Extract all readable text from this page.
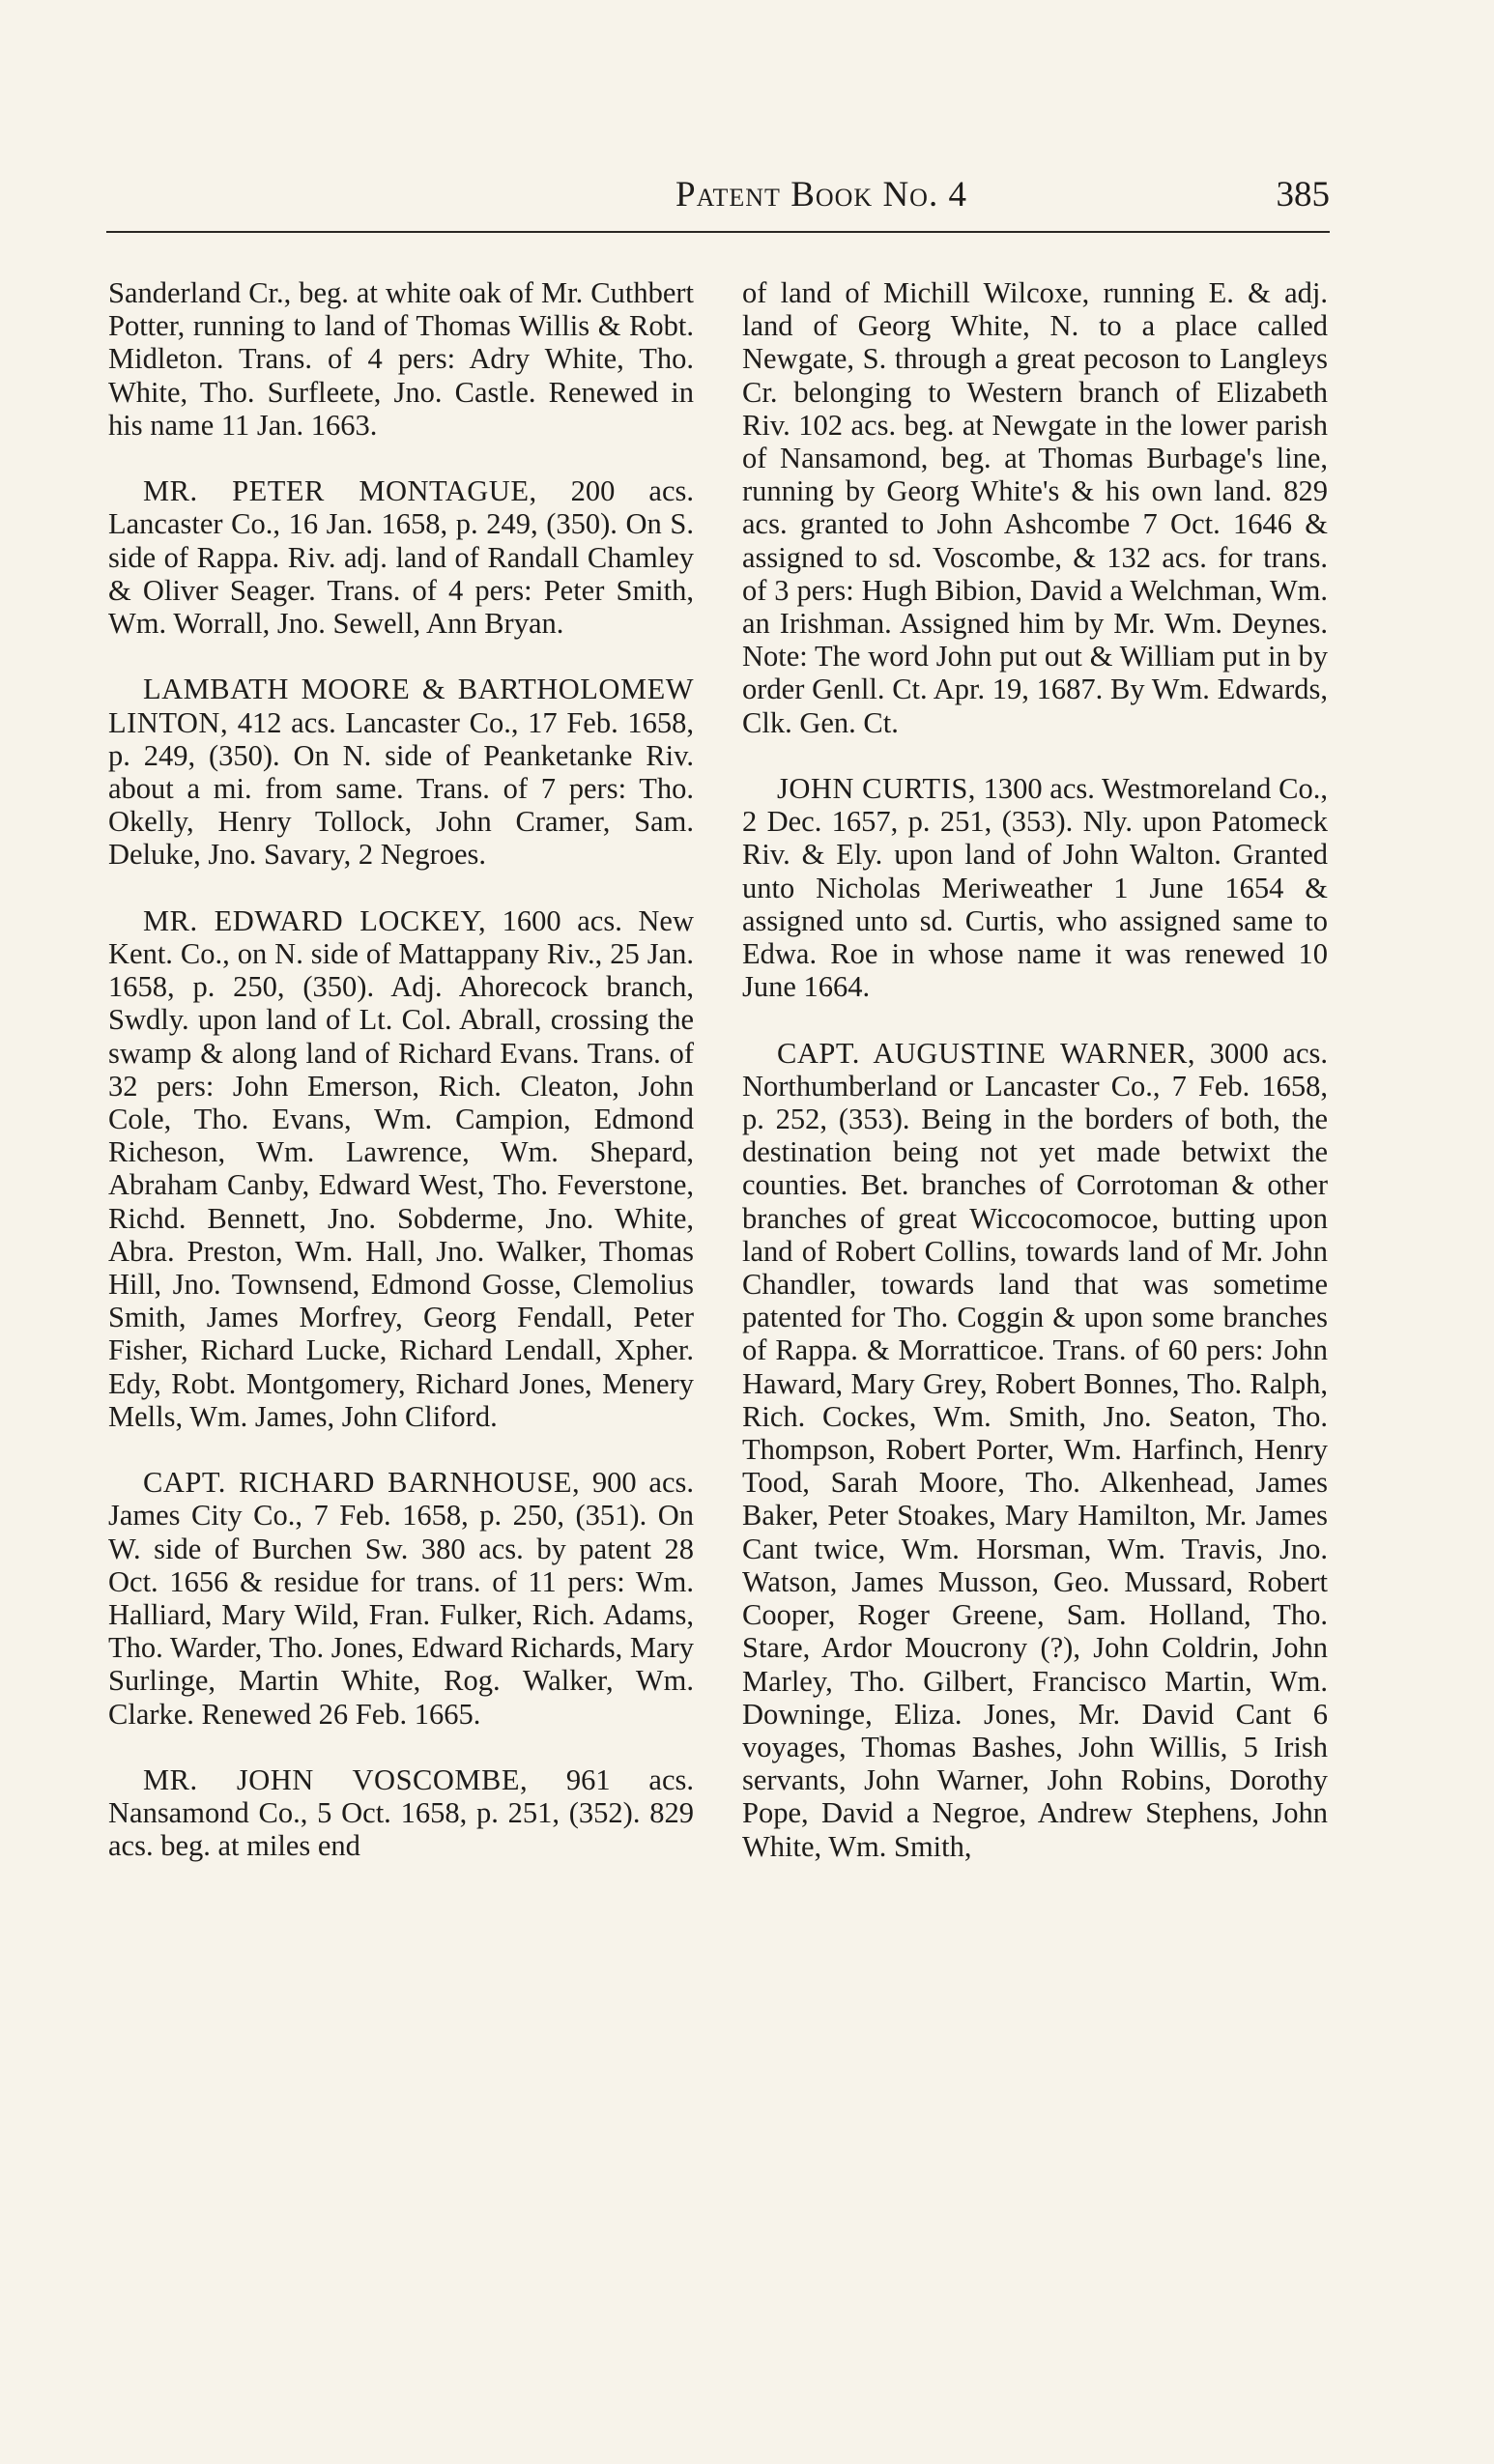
Patent Book No. 4	385

Sanderland Cr., beg. at white oak of Mr. Cuthbert Potter, running to land of Thomas Willis & Robt. Midleton. Trans. of 4 pers: Adry White, Tho. White, Tho. Surfleete, Jno. Castle. Renewed in his name 11 Jan. 1663.

MR. PETER MONTAGUE, 200 acs. Lancaster Co., 16 Jan. 1658, p. 249, (350). On S. side of Rappa. Riv. adj. land of Randall Chamley & Oliver Seager. Trans. of 4 pers: Peter Smith, Wm. Worrall, Jno. Sewell, Ann Bryan.

LAMBATH MOORE & BARTHOLOMEW LINTON, 412 acs. Lancaster Co., 17 Feb. 1658, p. 249, (350). On N. side of Peanketanke Riv. about a mi. from same. Trans. of 7 pers: Tho. Okelly, Henry Tollock, John Cramer, Sam. Deluke, Jno. Savary, 2 Negroes.

MR. EDWARD LOCKEY, 1600 acs. New Kent. Co., on N. side of Mattappany Riv., 25 Jan. 1658, p. 250, (350). Adj. Ahorecock branch, Swdly. upon land of Lt. Col. Abrall, crossing the swamp & along land of Richard Evans. Trans. of 32 pers: John Emerson, Rich. Cleaton, John Cole, Tho. Evans, Wm. Campion, Edmond Richeson, Wm. Lawrence, Wm. Shepard, Abraham Canby, Edward West, Tho. Feverstone, Richd. Bennett, Jno. Sobderme, Jno. White, Abra. Preston, Wm. Hall, Jno. Walker, Thomas Hill, Jno. Townsend, Edmond Gosse, Clemolius Smith, James Morfrey, Georg Fendall, Peter Fisher, Richard Lucke, Richard Lendall, Xpher. Edy, Robt. Montgomery, Richard Jones, Menery Mells, Wm. James, John Cliford.

CAPT. RICHARD BARNHOUSE, 900 acs. James City Co., 7 Feb. 1658, p. 250, (351). On W. side of Burchen Sw. 380 acs. by patent 28 Oct. 1656 & residue for trans. of 11 pers: Wm. Halliard, Mary Wild, Fran. Fulker, Rich. Adams, Tho. Warder, Tho. Jones, Edward Richards, Mary Surlinge, Martin White, Rog. Walker, Wm. Clarke. Renewed 26 Feb. 1665.

MR. JOHN VOSCOMBE, 961 acs. Nansamond Co., 5 Oct. 1658, p. 251, (352). 829 acs. beg. at miles end

of land of Michill Wilcoxe, running E. & adj. land of Georg White, N. to a place called Newgate, S. through a great pecoson to Langleys Cr. belonging to Western branch of Elizabeth Riv. 102 acs. beg. at Newgate in the lower parish of Nansamond, beg. at Thomas Burbage's line, running by Georg White's & his own land. 829 acs. granted to John Ashcombe 7 Oct. 1646 & assigned to sd. Voscombe, & 132 acs. for trans. of 3 pers: Hugh Bibion, David a Welchman, Wm. an Irishman. Assigned him by Mr. Wm. Deynes. Note: The word John put out & William put in by order Genll. Ct. Apr. 19, 1687. By Wm. Edwards, Clk. Gen. Ct.

JOHN CURTIS, 1300 acs. Westmoreland Co., 2 Dec. 1657, p. 251, (353). Nly. upon Patomeck Riv. & Ely. upon land of John Walton. Granted unto Nicholas Meriweather 1 June 1654 & assigned unto sd. Curtis, who assigned same to Edwa. Roe in whose name it was renewed 10 June 1664.

CAPT. AUGUSTINE WARNER, 3000 acs. Northumberland or Lancaster Co., 7 Feb. 1658, p. 252, (353). Being in the borders of both, the destination being not yet made betwixt the counties. Bet. branches of Corrotoman & other branches of great Wiccocomocoe, butting upon land of Robert Collins, towards land of Mr. John Chandler, towards land that was sometime patented for Tho. Coggin & upon some branches of Rappa. & Morratticoe. Trans. of 60 pers: John Haward, Mary Grey, Robert Bonnes, Tho. Ralph, Rich. Cockes, Wm. Smith, Jno. Seaton, Tho. Thompson, Robert Porter, Wm. Harfinch, Henry Tood, Sarah Moore, Tho. Alkenhead, James Baker, Peter Stoakes, Mary Hamilton, Mr. James Cant twice, Wm. Horsman, Wm. Travis, Jno. Watson, James Musson, Geo. Mussard, Robert Cooper, Roger Greene, Sam. Holland, Tho. Stare, Ardor Moucrony (?), John Coldrin, John Marley, Tho. Gilbert, Francisco Martin, Wm. Downinge, Eliza. Jones, Mr. David Cant 6 voyages, Thomas Bashes, John Willis, 5 Irish servants, John Warner, John Robins, Dorothy Pope, David a Negroe, Andrew Stephens, John White, Wm. Smith,
